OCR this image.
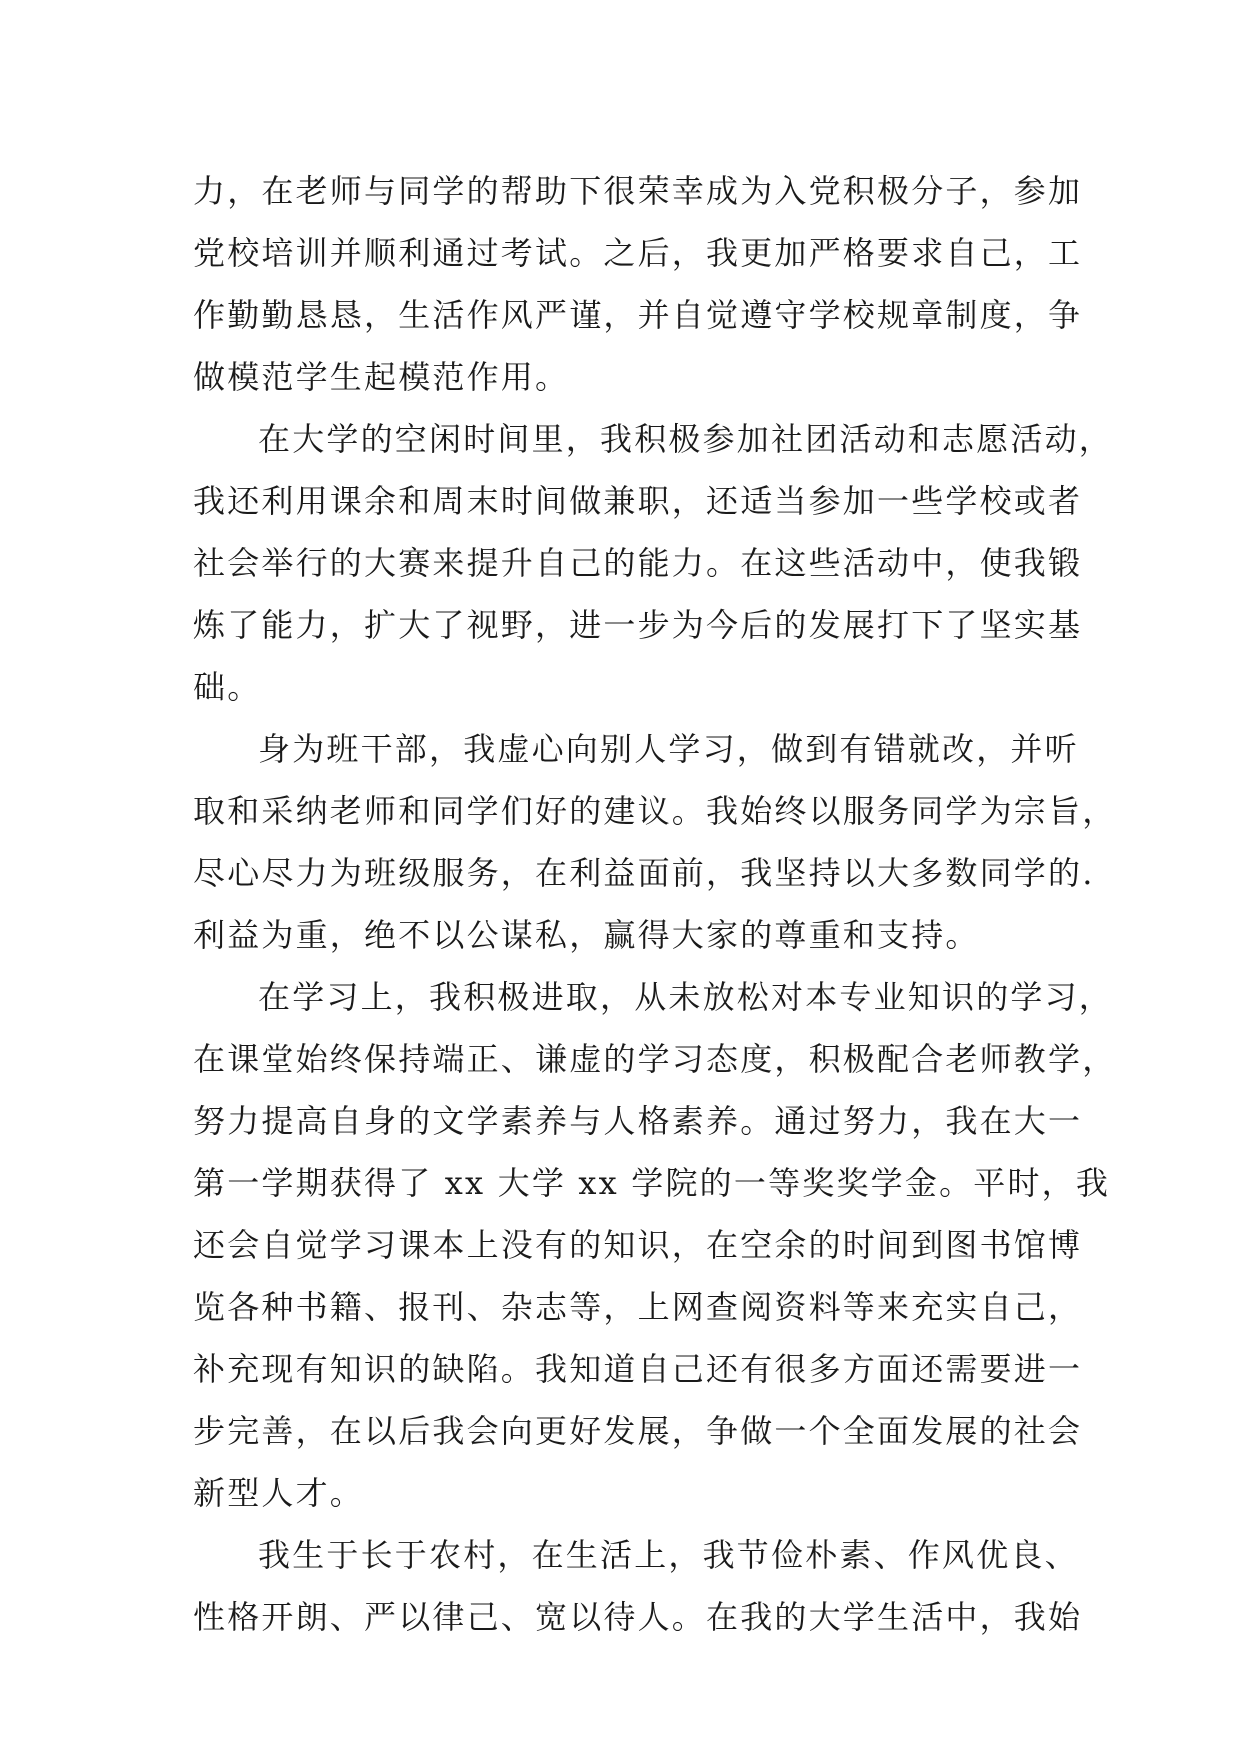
力，在老师与同学的帮助下很荣幸成为入党积极分子，参加
党校培训并顺利通过考试。之后，我更加严格要求自己，工
作勤勤恳恳，生活作风严谨，并自觉遵守学校规章制度，争
做模范学生起模范作用。
在大学的空闲时间里，我积极参加社团活动和志愿活动，
我还利用课余和周末时间做兼职，还适当参加一些学校或者
社会举行的大赛来提升自己的能力。在这些活动中，使我锻
炼了能力，扩大了视野，进一步为今后的发展打下了坚实基
础。
身为班干部，我虚心向别人学习，做到有错就改，并听
取和采纳老师和同学们好的建议。我始终以服务同学为宗旨，
尽心尽力为班级服务，在利益面前，我坚持以大多数同学的.
利益为重，绝不以公谋私，赢得大家的尊重和支持。
在学习上，我积极进取，从未放松对本专业知识的学习，
在课堂始终保持端正、谦虚的学习态度，积极配合老师教学，
努力提高自身的文学素养与人格素养。通过努力，我在大一
第一学期获得了 xx 大学 xx 学院的一等奖奖学金。平时，我
还会自觉学习课本上没有的知识，在空余的时间到图书馆博
览各种书籍、报刊、杂志等，上网查阅资料等来充实自己，
补充现有知识的缺陷。我知道自己还有很多方面还需要进一
步完善，在以后我会向更好发展，争做一个全面发展的社会
新型人才。
我生于长于农村，在生活上，我节俭朴素、作风优良、
性格开朗、严以律己、宽以待人。在我的大学生活中，我始
